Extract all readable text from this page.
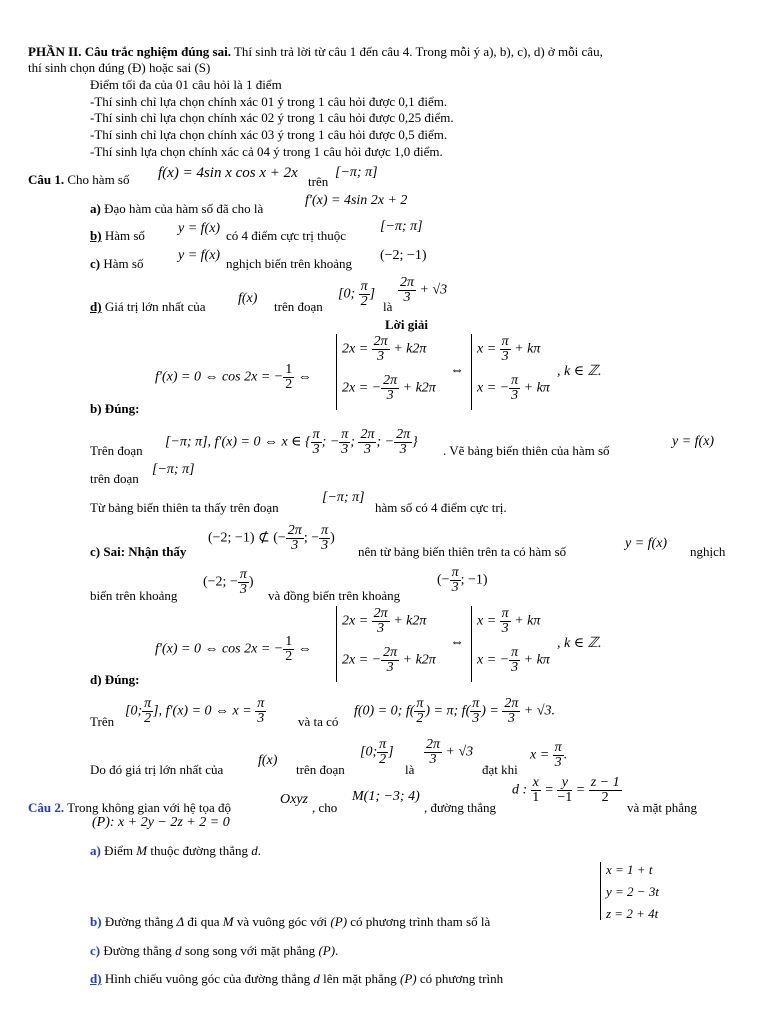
PHẦN II. Câu trắc nghiệm đúng sai. Thí sinh trả lời từ câu 1 đến câu 4. Trong mỗi ý a), b), c), d) ở mỗi câu,
thí sinh chọn đúng (Đ) hoặc sai (S)
Điểm tối đa của 01 câu hỏi là 1 điểm
-Thí sinh chỉ lựa chọn chính xác 01 ý trong 1 câu hỏi được 0,1 điểm.
-Thí sinh chỉ lựa chọn chính xác 02 ý trong 1 câu hỏi được 0,25 điểm.
-Thí sinh chỉ lựa chọn chính xác 03 ý trong 1 câu hỏi được 0,5 điểm.
-Thí sinh lựa chọn chính xác cả 04 ý trong 1 câu hỏi được 1,0 điểm.
Câu 1. Cho hàm số f(x) = 4sin x cos x + 2x
trên
[−π; π]
a) Đạo hàm của hàm số đã cho là
f′(x) = 4sin 2x + 2
b) Hàm số y = f(x) có 4 điểm cực trị thuộc
[−π; π]
c) Hàm số
y = f(x)
nghịch biến trên khoảng
(−2; −1)
d) Giá trị lớn nhất của
f(x)
trên đoạn
[0; $\frac{\pi}{2}$ ]
là
$\frac{2\pi}{3} + √3$
Lời giải
f′(x) = 0 ⇔ cos 2x = − $\frac{1}{2}$ ⇔
$2x = \frac{2\pi}{3} + k2\pi$
2x = − $\frac{2\pi}{3} + k2\pi$
⇔
$x = \frac{\pi}{3} + k\pi$
x = − $\frac{\pi}{3} + k\pi$
, k ∈ ℤ.
b) Đúng:
Trên đoạn
[−π; π], f′(x) = 0 ⇔ x ∈ { $\frac{\pi}{3}$ ; − $\frac{\pi}{3}$ ; $\frac{2\pi}{3}$ ; − $\frac{2\pi}{3}$ }
. Vẽ bảng biến thiên của hàm số
y = f(x)
trên đoạn
[−π; π]
Từ bảng biến thiên ta thấy trên đoạn
[−π; π]
hàm số có 4 điểm cực trị.
c) Sai: Nhận thấy
(−2; −1) ⊄ (− $\frac{2\pi}{3}$ ; − $\frac{\pi}{3}$ )
nên từ bảng biến thiên trên ta có hàm số
y = f(x)
nghịch
biến trên khoảng
(−2; − $\frac{\pi}{3}$ )
và đồng biến trên khoảng
(− $\frac{\pi}{3}$ ; −1)
f′(x) = 0 ⇔ cos 2x = − $\frac{1}{2}$ ⇔
$2x = \frac{2\pi}{3} + k2\pi$
2x = − $\frac{2\pi}{3} + k2\pi$
⇔
$x = \frac{\pi}{3} + k\pi$
x = − $\frac{\pi}{3} + k\pi$
, k ∈ ℤ.
d) Đúng:
Trên
[0; $\frac{\pi}{2}$ ], f′(x) = 0 ⇔ $x = \frac{\pi}{3}$ và ta có
f(0) = 0; $f( \frac{\pi}{2}$ ) = π; $f( \frac{\pi}{3}$ ) = $\frac{2\pi}{3} + √3$.
Do đó giá trị lớn nhất của
f(x)
trên đoạn
[0; $\frac{\pi}{2}$ ]
là
$\frac{2\pi}{3} + √3$
đạt khi
$x = \frac{\pi}{3}$ .
Câu 2. Trong không gian với hệ tọa độ
Oxyz
, cho
M(1; −3; 4)
, đường thẳng
d : $\frac{x}{1} = \frac{y}{-1} = \frac{z - 1}{2}$
và mặt phẳng
(P): x + 2y − 2z + 2 = 0
a) Điểm M thuộc đường thẳng d.
x = 1 + t
y = 2 − 3t
z = 2 + 4t
b) Đường thẳng Δ đi qua M và vuông góc với (P) có phương trình tham số là
c) Đường thẳng d song song với mặt phẳng (P).
d) Hình chiếu vuông góc của đường thẳng d lên mặt phẳng (P) có phương trình
